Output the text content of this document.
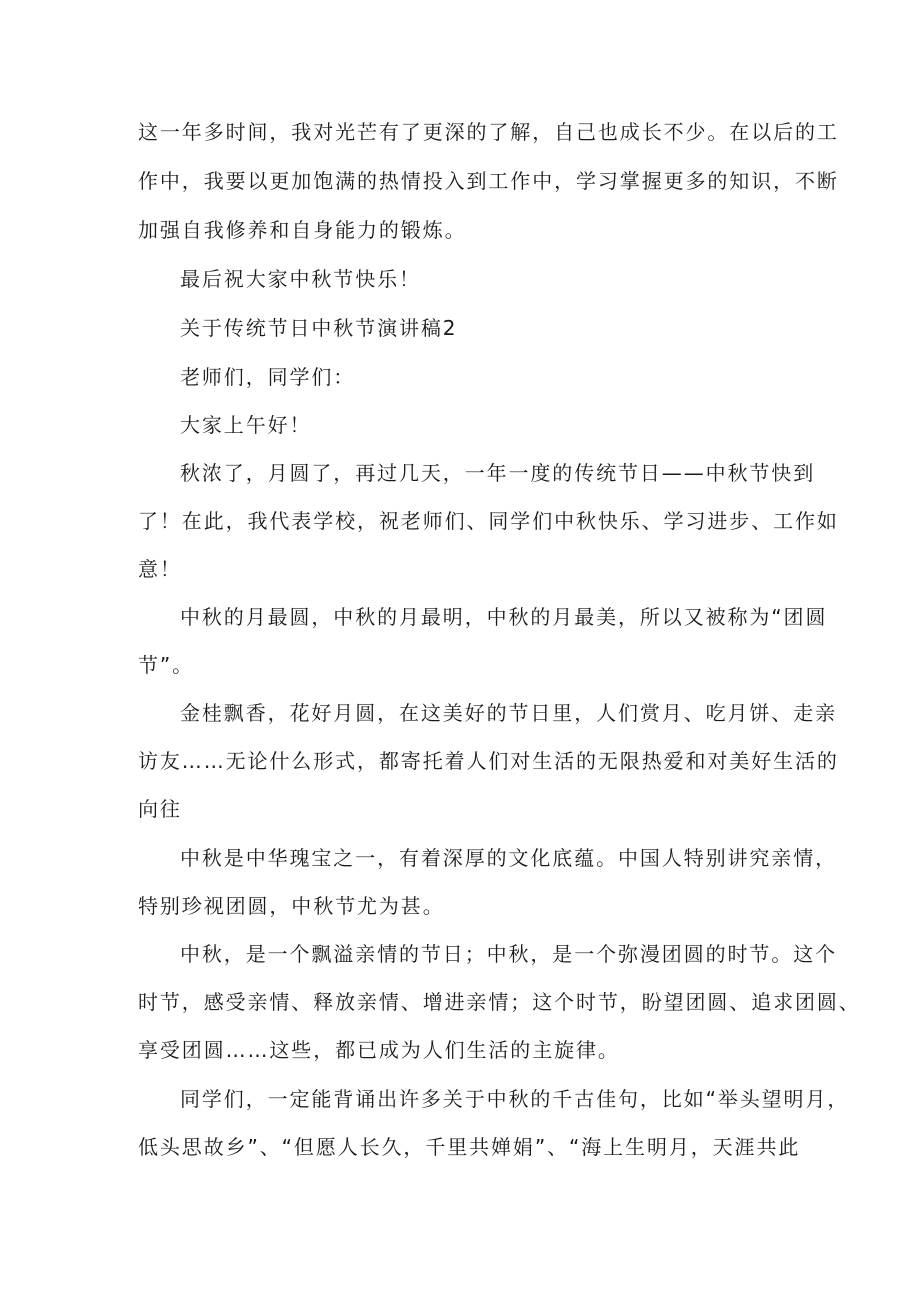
这一年多时间，我对光芒有了更深的了解，自己也成长不少。在以后的工

作中，我要以更加饱满的热情投入到工作中，学习掌握更多的知识，不断

加强自我修养和自身能力的锻炼。

最后祝大家中秋节快乐！

关于传统节日中秋节演讲稿2

老师们，同学们：

大家上午好！

秋浓了，月圆了，再过几天，一年一度的传统节日——中秋节快到

了！在此，我代表学校，祝老师们、同学们中秋快乐、学习进步、工作如

意！

中秋的月最圆，中秋的月最明，中秋的月最美，所以又被称为“团圆

节”。

金桂飘香，花好月圆，在这美好的节日里，人们赏月、吃月饼、走亲

访友……无论什么形式，都寄托着人们对生活的无限热爱和对美好生活的

向往

中秋是中华瑰宝之一，有着深厚的文化底蕴。中国人特别讲究亲情，

特别珍视团圆，中秋节尤为甚。

中秋，是一个飘溢亲情的节日；中秋，是一个弥漫团圆的时节。这个

时节，感受亲情、释放亲情、增进亲情；这个时节，盼望团圆、追求团圆、

享受团圆……这些，都已成为人们生活的主旋律。

同学们，一定能背诵出许多关于中秋的千古佳句，比如“举头望明月，

低头思故乡”、“但愿人长久，千里共婵娟”、“海上生明月，天涯共此
